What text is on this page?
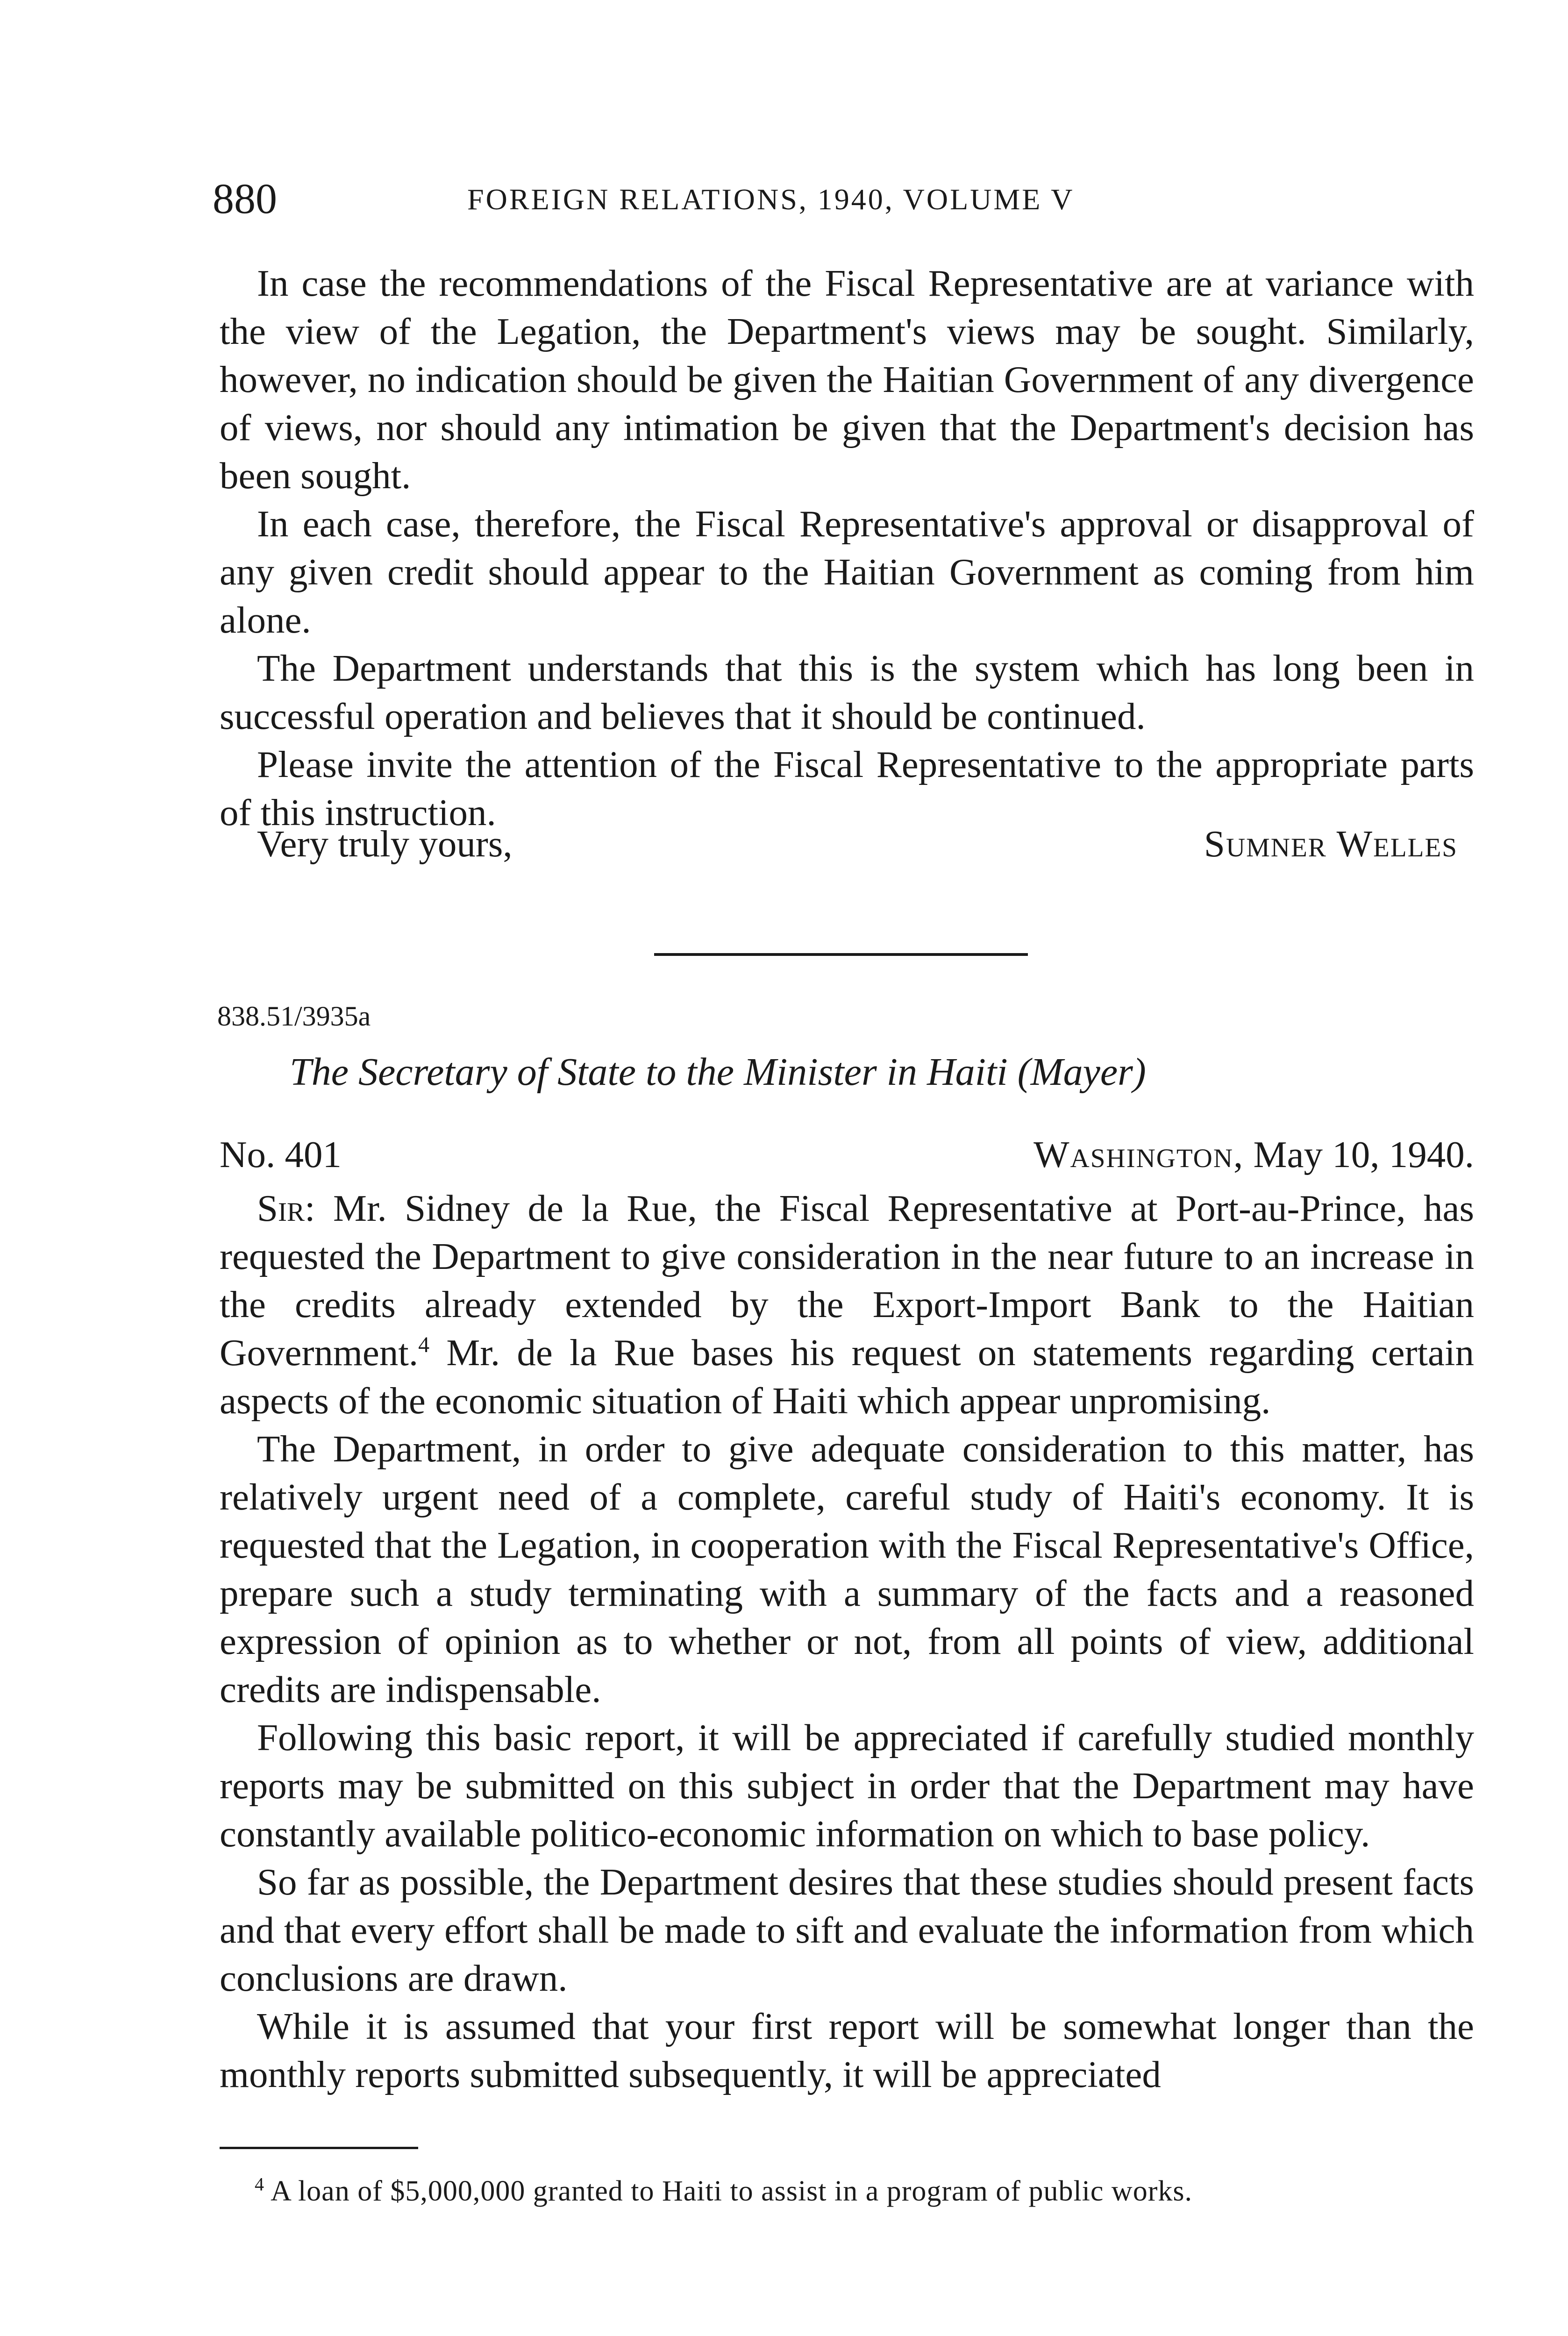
880	FOREIGN RELATIONS, 1940, VOLUME V

In case the recommendations of the Fiscal Representative are at variance with the view of the Legation, the Department's views may be sought. Similarly, however, no indication should be given the Haitian Government of any divergence of views, nor should any intimation be given that the Department's decision has been sought.

In each case, therefore, the Fiscal Representative's approval or disapproval of any given credit should appear to the Haitian Government as coming from him alone.

The Department understands that this is the system which has long been in successful operation and believes that it should be continued.

Please invite the attention of the Fiscal Representative to the appropriate parts of this instruction.

Very truly yours,	Sumner Welles
838.51/3935a
The Secretary of State to the Minister in Haiti (Mayer)
No. 401	Washington, May 10, 1940.

Sir: Mr. Sidney de la Rue, the Fiscal Representative at Port-au-Prince, has requested the Department to give consideration in the near future to an increase in the credits already extended by the Export-Import Bank to the Haitian Government.$^4$ Mr. de la Rue bases his request on statements regarding certain aspects of the economic situation of Haiti which appear unpromising.

The Department, in order to give adequate consideration to this matter, has relatively urgent need of a complete, careful study of Haiti's economy. It is requested that the Legation, in cooperation with the Fiscal Representative's Office, prepare such a study terminating with a summary of the facts and a reasoned expression of opinion as to whether or not, from all points of view, additional credits are indispensable.

Following this basic report, it will be appreciated if carefully studied monthly reports may be submitted on this subject in order that the Department may have constantly available politico-economic information on which to base policy.

So far as possible, the Department desires that these studies should present facts and that every effort shall be made to sift and evaluate the information from which conclusions are drawn.

While it is assumed that your first report will be somewhat longer than the monthly reports submitted subsequently, it will be appreciated

$^4$ A loan of $5,000,000 granted to Haiti to assist in a program of public works.
